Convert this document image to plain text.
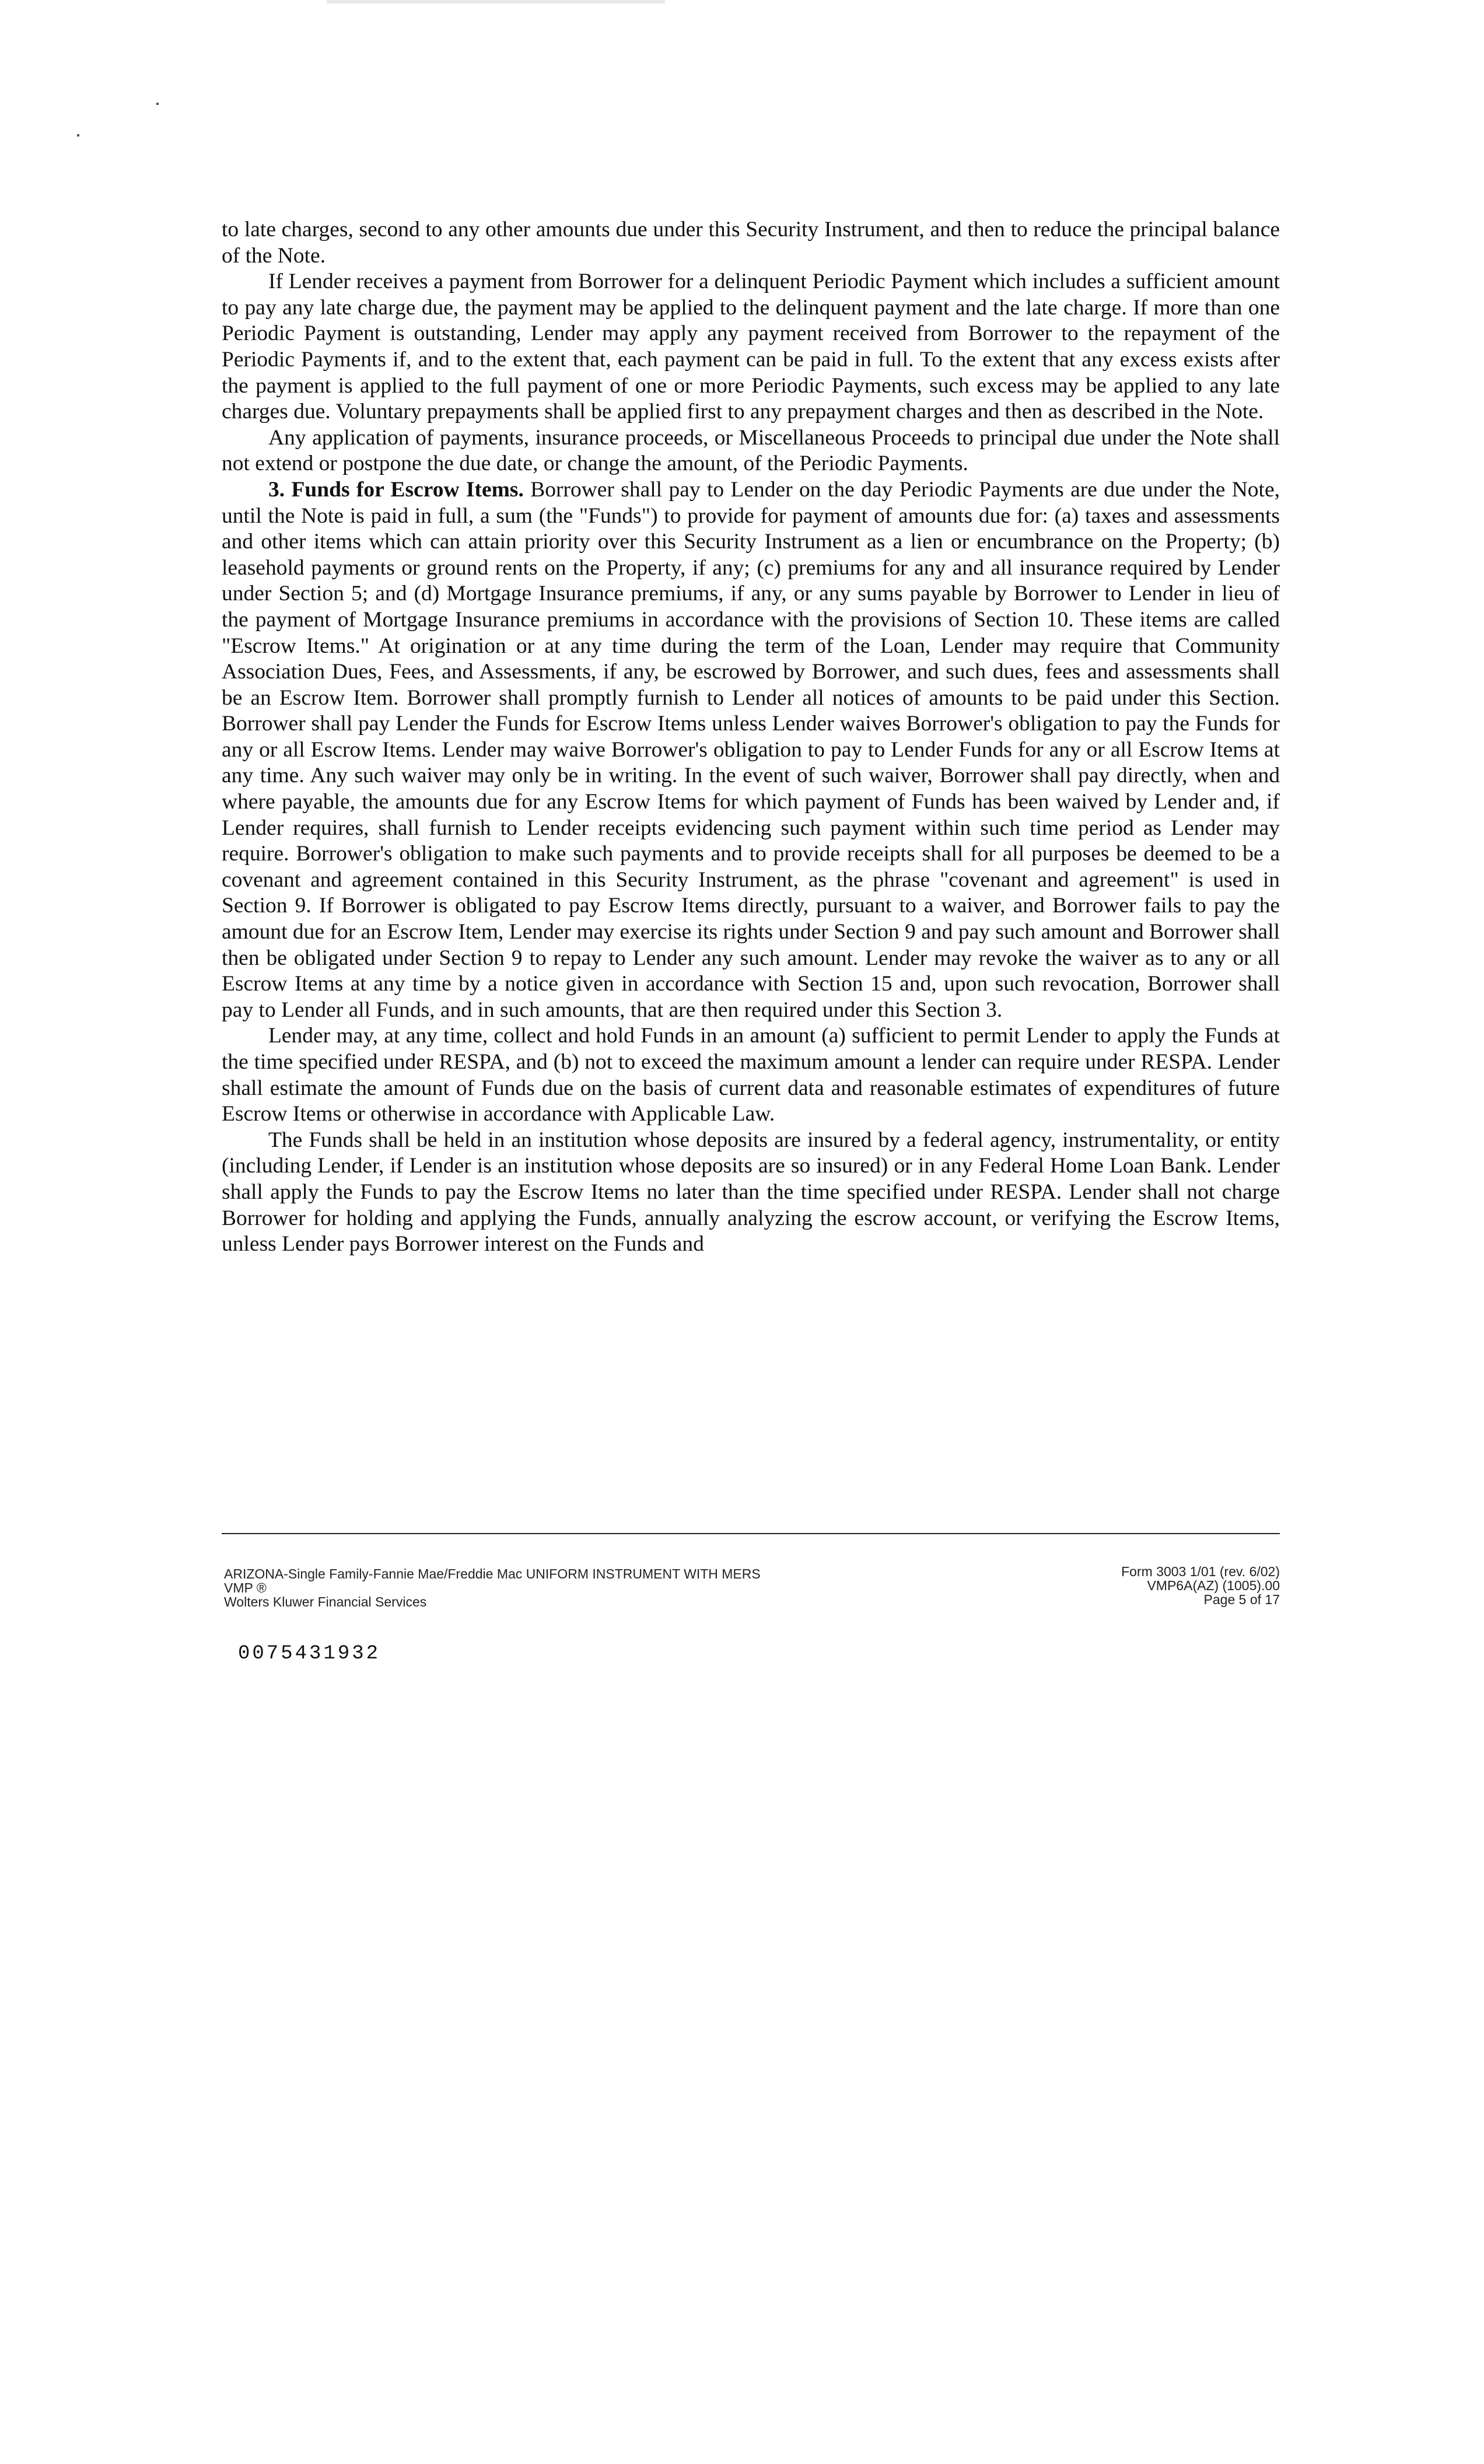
to late charges, second to any other amounts due under this Security Instrument, and then to reduce the principal balance of the Note.

If Lender receives a payment from Borrower for a delinquent Periodic Payment which includes a sufficient amount to pay any late charge due, the payment may be applied to the delinquent payment and the late charge. If more than one Periodic Payment is outstanding, Lender may apply any payment received from Borrower to the repayment of the Periodic Payments if, and to the extent that, each payment can be paid in full. To the extent that any excess exists after the payment is applied to the full payment of one or more Periodic Payments, such excess may be applied to any late charges due. Voluntary prepayments shall be applied first to any prepayment charges and then as described in the Note.

Any application of payments, insurance proceeds, or Miscellaneous Proceeds to principal due under the Note shall not extend or postpone the due date, or change the amount, of the Periodic Payments.

3. Funds for Escrow Items. Borrower shall pay to Lender on the day Periodic Payments are due under the Note, until the Note is paid in full, a sum (the "Funds") to provide for payment of amounts due for: (a) taxes and assessments and other items which can attain priority over this Security Instrument as a lien or encumbrance on the Property; (b) leasehold payments or ground rents on the Property, if any; (c) premiums for any and all insurance required by Lender under Section 5; and (d) Mortgage Insurance premiums, if any, or any sums payable by Borrower to Lender in lieu of the payment of Mortgage Insurance premiums in accordance with the provisions of Section 10. These items are called "Escrow Items." At origination or at any time during the term of the Loan, Lender may require that Community Association Dues, Fees, and Assessments, if any, be escrowed by Borrower, and such dues, fees and assessments shall be an Escrow Item. Borrower shall promptly furnish to Lender all notices of amounts to be paid under this Section. Borrower shall pay Lender the Funds for Escrow Items unless Lender waives Borrower's obligation to pay the Funds for any or all Escrow Items. Lender may waive Borrower's obligation to pay to Lender Funds for any or all Escrow Items at any time. Any such waiver may only be in writing. In the event of such waiver, Borrower shall pay directly, when and where payable, the amounts due for any Escrow Items for which payment of Funds has been waived by Lender and, if Lender requires, shall furnish to Lender receipts evidencing such payment within such time period as Lender may require. Borrower's obligation to make such payments and to provide receipts shall for all purposes be deemed to be a covenant and agreement contained in this Security Instrument, as the phrase "covenant and agreement" is used in Section 9. If Borrower is obligated to pay Escrow Items directly, pursuant to a waiver, and Borrower fails to pay the amount due for an Escrow Item, Lender may exercise its rights under Section 9 and pay such amount and Borrower shall then be obligated under Section 9 to repay to Lender any such amount. Lender may revoke the waiver as to any or all Escrow Items at any time by a notice given in accordance with Section 15 and, upon such revocation, Borrower shall pay to Lender all Funds, and in such amounts, that are then required under this Section 3.

Lender may, at any time, collect and hold Funds in an amount (a) sufficient to permit Lender to apply the Funds at the time specified under RESPA, and (b) not to exceed the maximum amount a lender can require under RESPA. Lender shall estimate the amount of Funds due on the basis of current data and reasonable estimates of expenditures of future Escrow Items or otherwise in accordance with Applicable Law.

The Funds shall be held in an institution whose deposits are insured by a federal agency, instrumentality, or entity (including Lender, if Lender is an institution whose deposits are so insured) or in any Federal Home Loan Bank. Lender shall apply the Funds to pay the Escrow Items no later than the time specified under RESPA. Lender shall not charge Borrower for holding and applying the Funds, annually analyzing the escrow account, or verifying the Escrow Items, unless Lender pays Borrower interest on the Funds and

ARIZONA-Single Family-Fannie Mae/Freddie Mac UNIFORM INSTRUMENT WITH MERS
VMP ®
Wolters Kluwer Financial Services
Form 3003 1/01 (rev. 6/02)
VMP6A(AZ) (1005).00
Page 5 of 17
0075431932
